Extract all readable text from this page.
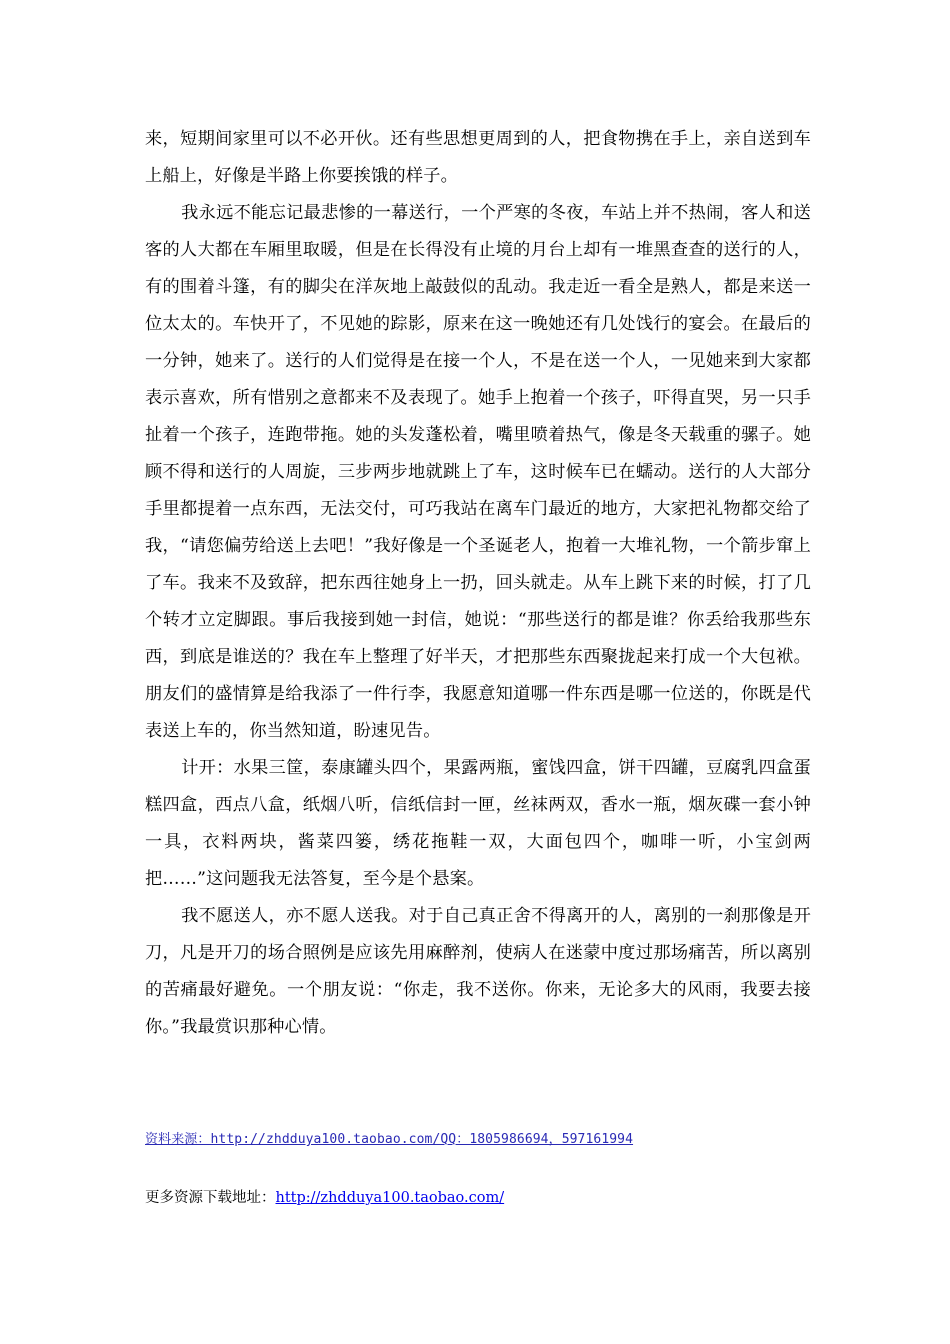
来，短期间家里可以不必开伙。还有些思想更周到的人，把食物携在手上，亲自送到车上船上，好像是半路上你要挨饿的样子。

我永远不能忘记最悲惨的一幕送行，一个严寒的冬夜，车站上并不热闹，客人和送客的人大都在车厢里取暖，但是在长得没有止境的月台上却有一堆黑查查的送行的人，有的围着斗篷，有的脚尖在洋灰地上敲鼓似的乱动。我走近一看全是熟人，都是来送一位太太的。车快开了，不见她的踪影，原来在这一晚她还有几处饯行的宴会。在最后的一分钟，她来了。送行的人们觉得是在接一个人，不是在送一个人，一见她来到大家都表示喜欢，所有惜别之意都来不及表现了。她手上抱着一个孩子，吓得直哭，另一只手扯着一个孩子，连跑带拖。她的头发蓬松着，嘴里喷着热气，像是冬天载重的骡子。她顾不得和送行的人周旋，三步两步地就跳上了车，这时候车已在蠕动。送行的人大部分手里都提着一点东西，无法交付，可巧我站在离车门最近的地方，大家把礼物都交给了我，“请您偏劳给送上去吧！”我好像是一个圣诞老人，抱着一大堆礼物，一个箭步窜上了车。我来不及致辞，把东西往她身上一扔，回头就走。从车上跳下来的时候，打了几个转才立定脚跟。事后我接到她一封信，她说：“那些送行的都是谁？你丢给我那些东西，到底是谁送的？我在车上整理了好半天，才把那些东西聚拢起来打成一个大包袱。朋友们的盛情算是给我添了一件行李，我愿意知道哪一件东西是哪一位送的，你既是代表送上车的，你当然知道，盼速见告。

计开：水果三筐，泰康罐头四个，果露两瓶，蜜饯四盒，饼干四罐，豆腐乳四盒蛋糕四盒，西点八盒，纸烟八听，信纸信封一匣，丝袜两双，香水一瓶，烟灰碟一套小钟一具，衣料两块，酱菜四篓，绣花拖鞋一双，大面包四个，咖啡一听，小宝剑两把……”这问题我无法答复，至今是个悬案。

我不愿送人，亦不愿人送我。对于自己真正舍不得离开的人，离别的一刹那像是开刀，凡是开刀的场合照例是应该先用麻醉剂，使病人在迷蒙中度过那场痛苦，所以离别的苦痛最好避免。一个朋友说：“你走，我不送你。你来，无论多大的风雨，我要去接你。”我最赏识那种心情。

资料来源：http://zhdduya100.taobao.com/QQ：1805986694，597161994
更多资源下载地址：http://zhdduya100.taobao.com/
